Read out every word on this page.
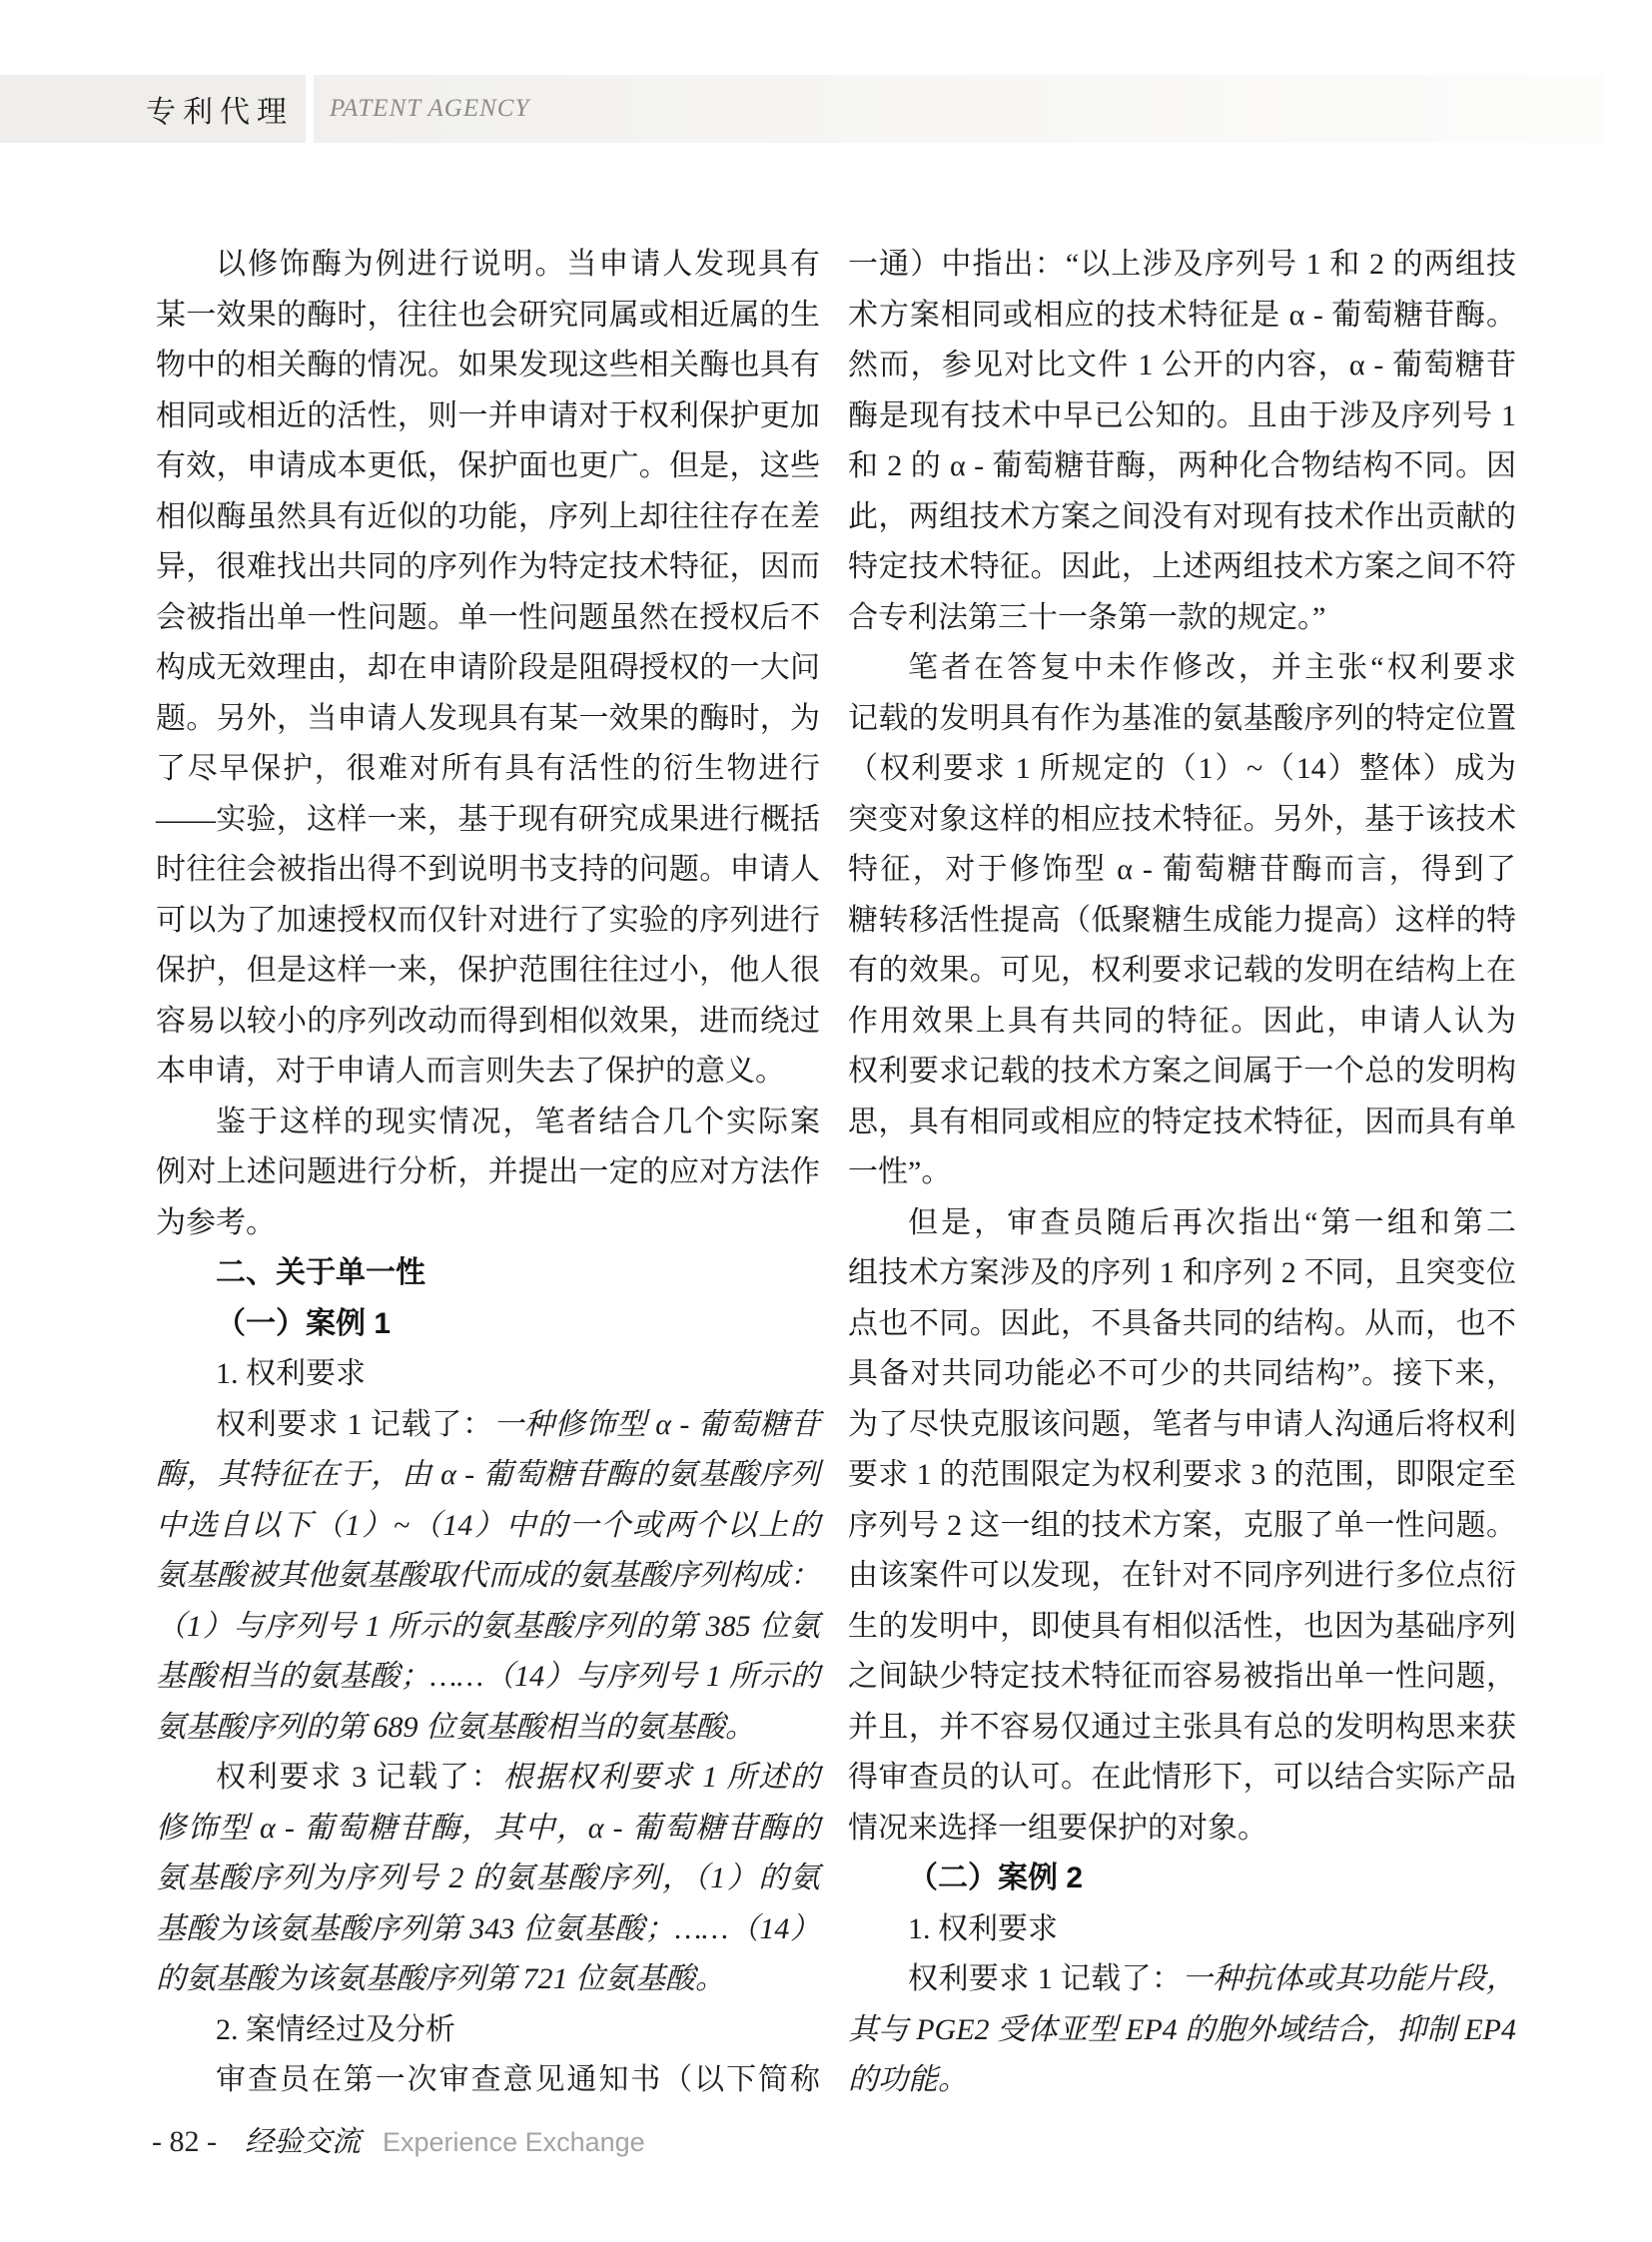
专利代理 PATENT AGENCY
以修饰酶为例进行说明。当申请人发现具有
某一效果的酶时，往往也会研究同属或相近属的生
物中的相关酶的情况。如果发现这些相关酶也具有
相同或相近的活性，则一并申请对于权利保护更加
有效，申请成本更低，保护面也更广。但是，这些
相似酶虽然具有近似的功能，序列上却往往存在差
异，很难找出共同的序列作为特定技术特征，因而
会被指出单一性问题。单一性问题虽然在授权后不
构成无效理由，却在申请阶段是阻碍授权的一大问
题。另外，当申请人发现具有某一效果的酶时，为
了尽早保护，很难对所有具有活性的衍生物进行
——实验，这样一来，基于现有研究成果进行概括
时往往会被指出得不到说明书支持的问题。申请人
可以为了加速授权而仅针对进行了实验的序列进行
保护，但是这样一来，保护范围往往过小，他人很
容易以较小的序列改动而得到相似效果，进而绕过
本申请，对于申请人而言则失去了保护的意义。
鉴于这样的现实情况，笔者结合几个实际案
例对上述问题进行分析，并提出一定的应对方法作
为参考。
二、关于单一性
（一）案例 1
1. 权利要求
权利要求 1 记载了：一种修饰型 α - 葡萄糖苷
酶，其特征在于，由 α - 葡萄糖苷酶的氨基酸序列
中选自以下（1）~（14）中的一个或两个以上的
氨基酸被其他氨基酸取代而成的氨基酸序列构成：
（1）与序列号 1 所示的氨基酸序列的第 385 位氨
基酸相当的氨基酸；……（14）与序列号 1 所示的
氨基酸序列的第 689 位氨基酸相当的氨基酸。
权利要求 3 记载了：根据权利要求 1 所述的
修饰型 α - 葡萄糖苷酶，其中，α - 葡萄糖苷酶的
氨基酸序列为序列号 2 的氨基酸序列，（1）的氨
基酸为该氨基酸序列第 343 位氨基酸；……（14）
的氨基酸为该氨基酸序列第 721 位氨基酸。
2. 案情经过及分析
审查员在第一次审查意见通知书（以下简称
一通）中指出：“以上涉及序列号 1 和 2 的两组技
术方案相同或相应的技术特征是 α - 葡萄糖苷酶。
然而，参见对比文件 1 公开的内容，α - 葡萄糖苷
酶是现有技术中早已公知的。且由于涉及序列号 1
和 2 的 α - 葡萄糖苷酶，两种化合物结构不同。因
此，两组技术方案之间没有对现有技术作出贡献的
特定技术特征。因此，上述两组技术方案之间不符
合专利法第三十一条第一款的规定。”
笔者在答复中未作修改，并主张“权利要求
记载的发明具有作为基准的氨基酸序列的特定位置
（权利要求 1 所规定的（1）~（14）整体）成为
突变对象这样的相应技术特征。另外，基于该技术
特征，对于修饰型 α - 葡萄糖苷酶而言，得到了
糖转移活性提高（低聚糖生成能力提高）这样的特
有的效果。可见，权利要求记载的发明在结构上在
作用效果上具有共同的特征。因此，申请人认为
权利要求记载的技术方案之间属于一个总的发明构
思，具有相同或相应的特定技术特征，因而具有单
一性”。
但是，审查员随后再次指出“第一组和第二
组技术方案涉及的序列 1 和序列 2 不同，且突变位
点也不同。因此，不具备共同的结构。从而，也不
具备对共同功能必不可少的共同结构”。接下来，
为了尽快克服该问题，笔者与申请人沟通后将权利
要求 1 的范围限定为权利要求 3 的范围，即限定至
序列号 2 这一组的技术方案，克服了单一性问题。
由该案件可以发现，在针对不同序列进行多位点衍
生的发明中，即使具有相似活性，也因为基础序列
之间缺少特定技术特征而容易被指出单一性问题，
并且，并不容易仅通过主张具有总的发明构思来获
得审查员的认可。在此情形下，可以结合实际产品
情况来选择一组要保护的对象。
（二）案例 2
1. 权利要求
权利要求 1 记载了：一种抗体或其功能片段，
其与 PGE2 受体亚型 EP4 的胞外域结合，抑制 EP4
的功能。
- 82 - 经验交流 Experience Exchange
